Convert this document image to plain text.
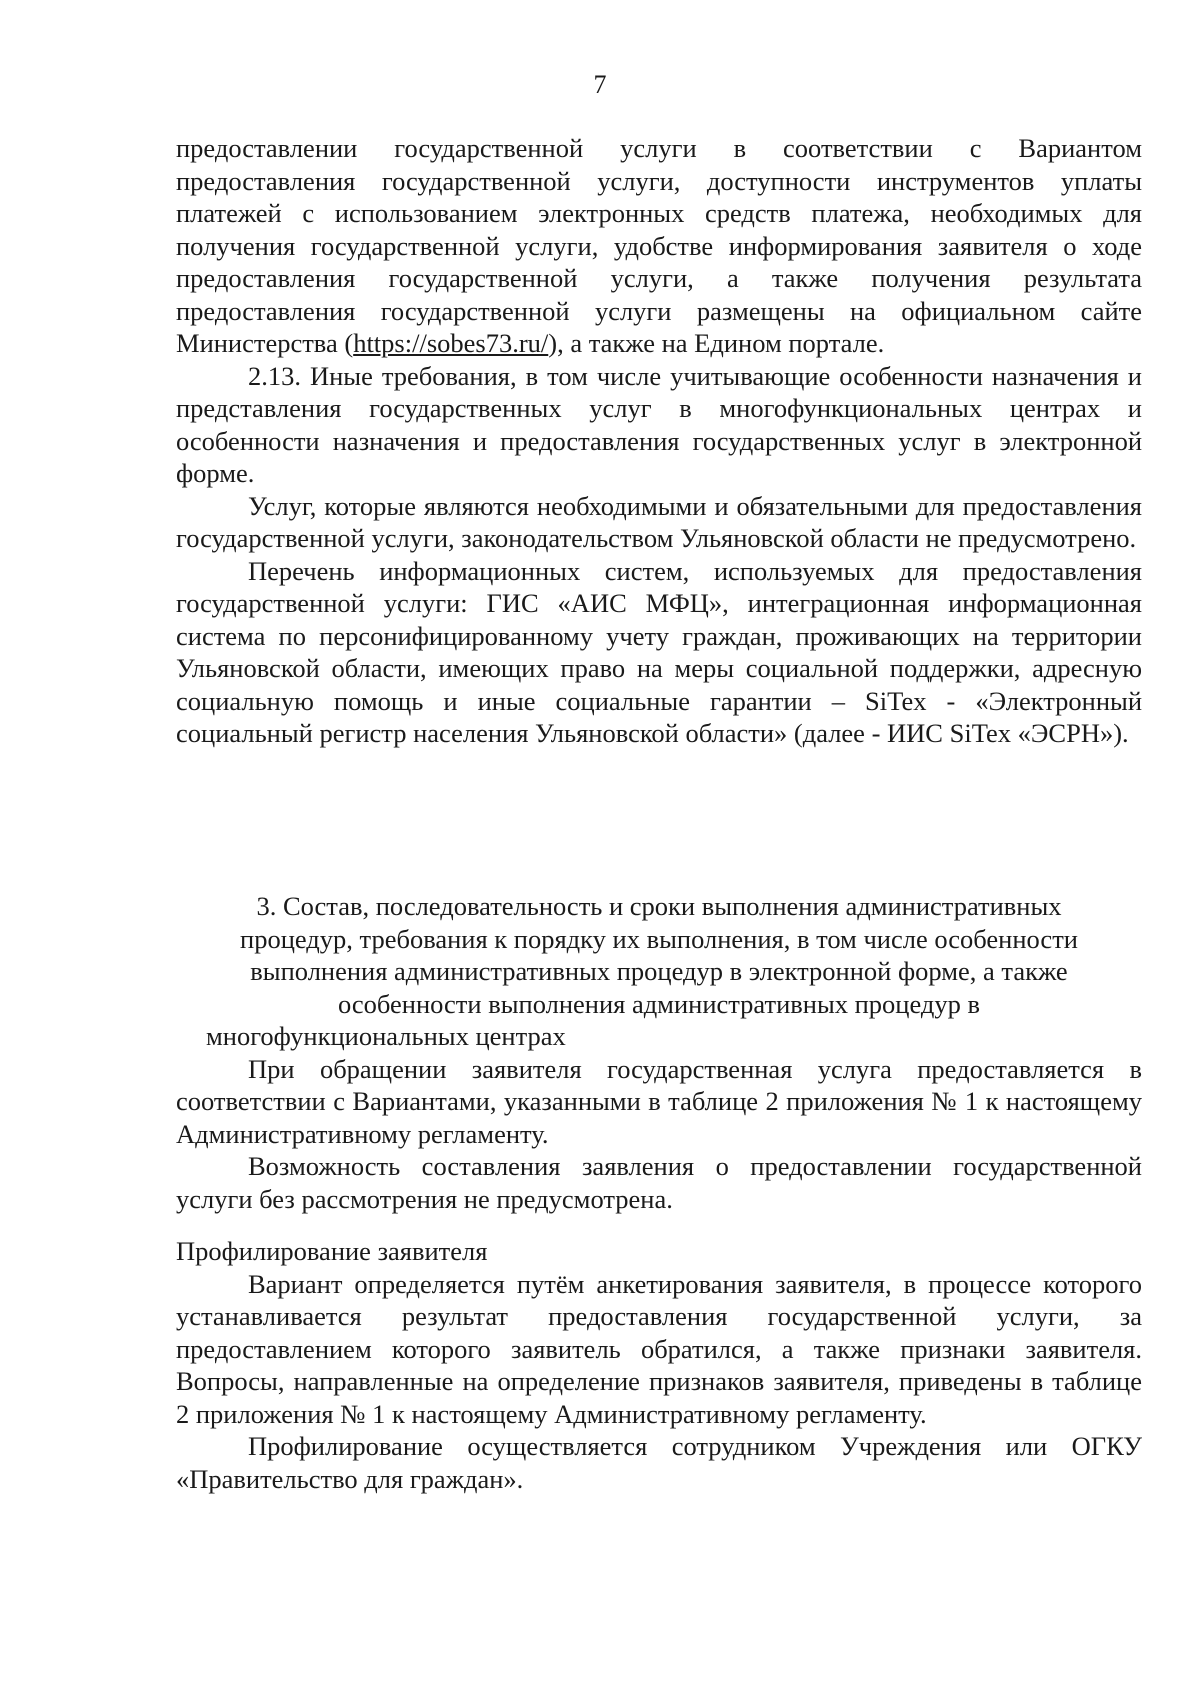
7

предоставлении государственной услуги в соответствии с Вариантом предоставления государственной услуги, доступности инструментов уплаты платежей с использованием электронных средств платежа, необходимых для получения государственной услуги, удобстве информирования заявителя о ходе предоставления государственной услуги, а также получения результата предоставления государственной услуги размещены на официальном сайте Министерства (https://sobes73.ru/), а также на Едином портале.

2.13. Иные требования, в том числе учитывающие особенности назначения и представления государственных услуг в многофункциональных центрах и особенности назначения и предоставления государственных услуг в электронной форме.

Услуг, которые являются необходимыми и обязательными для предоставления государственной услуги, законодательством Ульяновской области не предусмотрено.

Перечень информационных систем, используемых для предоставления государственной услуги: ГИС «АИС МФЦ», интеграционная информационная система по персонифицированному учету граждан, проживающих на территории Ульяновской области, имеющих право на меры социальной поддержки, адресную социальную помощь и иные социальные гарантии – SiTex - «Электронный социальный регистр населения Ульяновской области» (далее - ИИС SiTex «ЭСРН»).

3. Состав, последовательность и сроки выполнения административных процедур, требования к порядку их выполнения, в том числе особенности выполнения административных процедур в электронной форме, а также особенности выполнения административных процедур в многофункциональных центрах

При обращении заявителя государственная услуга предоставляется в соответствии с Вариантами, указанными в таблице 2 приложения № 1 к настоящему Административному регламенту.

Возможность составления заявления о предоставлении государственной услуги без рассмотрения не предусмотрена.

Профилирование заявителя

Вариант определяется путём анкетирования заявителя, в процессе которого устанавливается результат предоставления государственной услуги, за предоставлением которого заявитель обратился, а также признаки заявителя. Вопросы, направленные на определение признаков заявителя, приведены в таблице 2 приложения № 1 к настоящему Административному регламенту.

Профилирование осуществляется сотрудником Учреждения или ОГКУ «Правительство для граждан».
